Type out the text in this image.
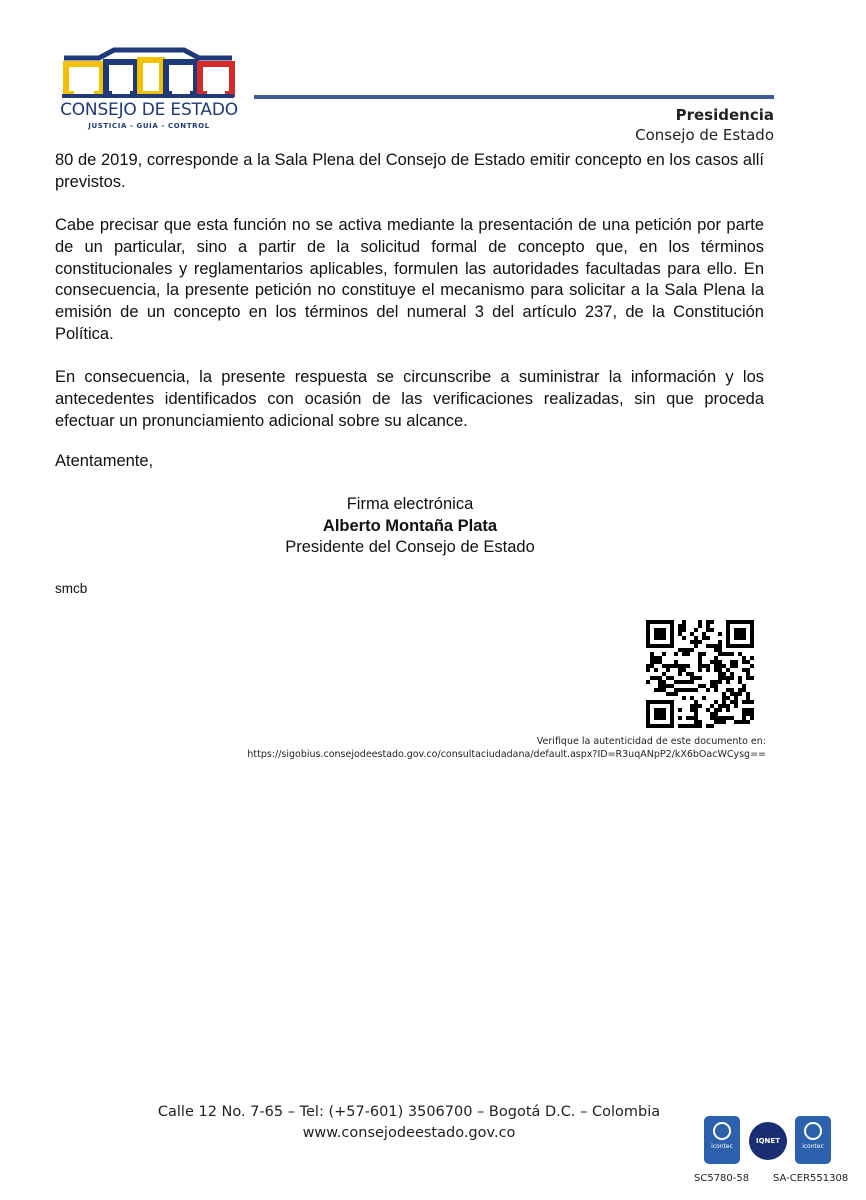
CONSEJO DE ESTADO
JUSTICIA - GUÍA - CONTROL
Presidencia
Consejo de Estado
80 de 2019, corresponde a la Sala Plena del Consejo de Estado emitir concepto en los casos allí previstos.
Cabe precisar que esta función no se activa mediante la presentación de una petición por parte de un particular, sino a partir de la solicitud formal de concepto que, en los términos constitucionales y reglamentarios aplicables, formulen las autoridades facultadas para ello. En consecuencia, la presente petición no constituye el mecanismo para solicitar a la Sala Plena la emisión de un concepto en los términos del numeral 3 del artículo 237, de la Constitución Política.
En consecuencia, la presente respuesta se circunscribe a suministrar la información y los antecedentes identificados con ocasión de las verificaciones realizadas, sin que proceda efectuar un pronunciamiento adicional sobre su alcance.
Atentamente,
Firma electrónica
Alberto Montaña Plata
Presidente del Consejo de Estado
smcb
Verifique la autenticidad de este documento en:
https://sigobius.consejodeestado.gov.co/consultaciudadana/default.aspx?ID=R3uqANpP2/kX6bOacWCysg==
Calle 12 No. 7-65 – Tel: (+57-601) 3506700 – Bogotá D.C. – Colombia
www.consejodeestado.gov.co
icontec
IQNET
icontec
SC5780-58 SA-CER551308
